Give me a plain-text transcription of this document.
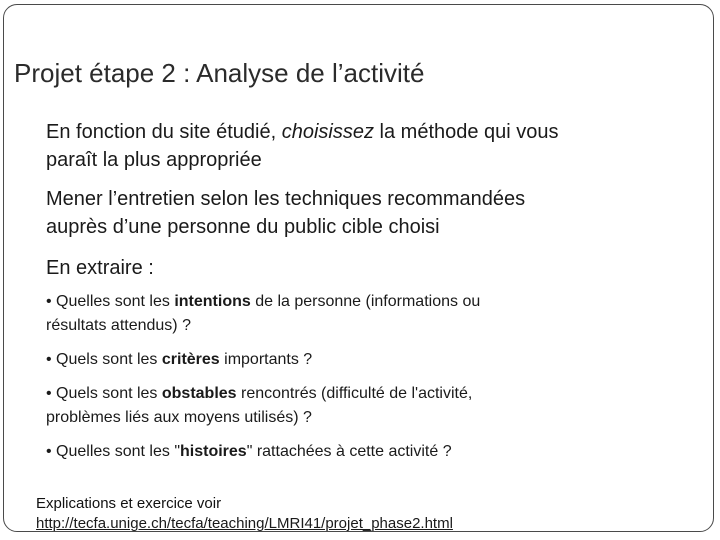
Projet étape 2 : Analyse de l’activité
En fonction du site étudié, choisissez la méthode qui vous
paraît la plus appropriée
Mener l’entretien selon les techniques recommandées
auprès d’une personne du public cible choisi
En extraire :
• Quelles sont les intentions de la personne (informations ou
résultats attendus) ?
• Quels sont les critères importants ?
• Quels sont les obstables rencontrés (difficulté de l'activité,
problèmes liés aux moyens utilisés) ?
• Quelles sont les "histoires" rattachées à cette activité ?
Explications et exercice voir
http://tecfa.unige.ch/tecfa/teaching/LMRI41/projet_phase2.html
